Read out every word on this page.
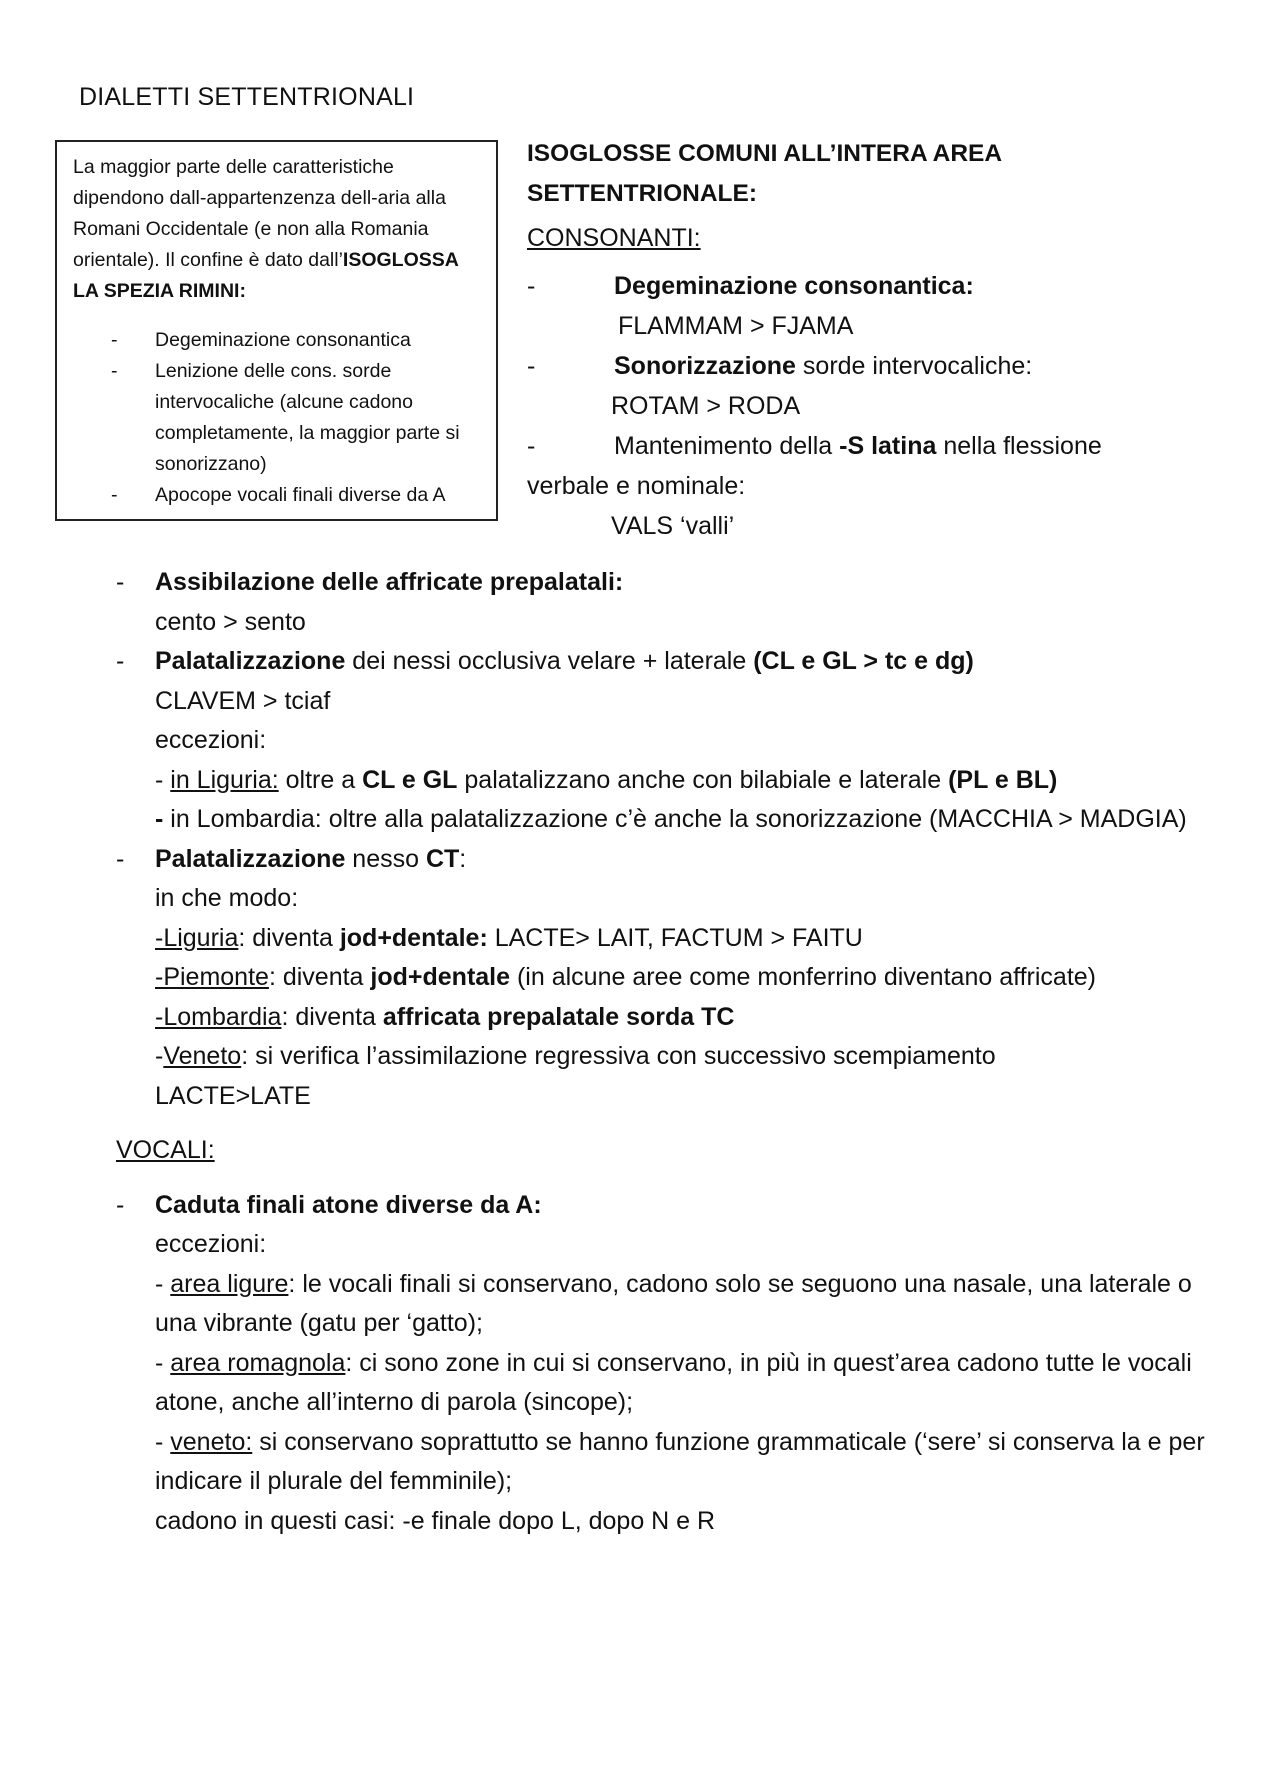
DIALETTI SETTENTRIONALI

La maggior parte delle caratteristiche dipendono dall-appartenzenza dell-aria alla Romani Occidentale (e non alla Romania orientale). Il confine è dato dall’ISOGLOSSA LA SPEZIA RIMINI:

- Degeminazione consonantica
- Lenizione delle cons. sorde intervocaliche (alcune cadono completamente, la maggior parte si sonorizzano)
- Apocope vocali finali diverse da A
ISOGLOSSE COMUNI ALL’INTERA AREA
SETTENTRIONALE:
CONSONANTI:
-	Degeminazione consonantica:
FLAMMAM > FJAMA
-	Sonorizzazione sorde intervocaliche:
ROTAM > RODA
-	Mantenimento della -S latina nella flessione
verbale e nominale:
VALS ‘valli’
- Assibilazione delle affricate prepalatali:
cento > sento
- Palatalizzazione dei nessi occlusiva velare + laterale (CL e GL > tc e dg)
CLAVEM > tciaf
eccezioni:
- in Liguria: oltre a CL e GL palatalizzano anche con bilabiale e laterale (PL e BL)
- in Lombardia: oltre alla palatalizzazione c’è anche la sonorizzazione (MACCHIA > MADGIA)
- Palatalizzazione nesso CT:
in che modo:
-Liguria: diventa jod+dentale: LACTE> LAIT, FACTUM > FAITU
-Piemonte: diventa jod+dentale (in alcune aree come monferrino diventano affricate)
-Lombardia: diventa affricata prepalatale sorda TC
-Veneto: si verifica l’assimilazione regressiva con successivo scempiamento
LACTE>LATE
VOCALI:
- Caduta finali atone diverse da A:
eccezioni:
- area ligure: le vocali finali si conservano, cadono solo se seguono una nasale, una laterale o una vibrante (gatu per ‘gatto);
- area romagnola: ci sono zone in cui si conservano, in più in quest’area cadono tutte le vocali atone, anche all’interno di parola (sincope);
- veneto: si conservano soprattutto se hanno funzione grammaticale (‘sere’ si conserva la e per indicare il plurale del femminile);
cadono in questi casi: -e finale dopo L, dopo N e R
